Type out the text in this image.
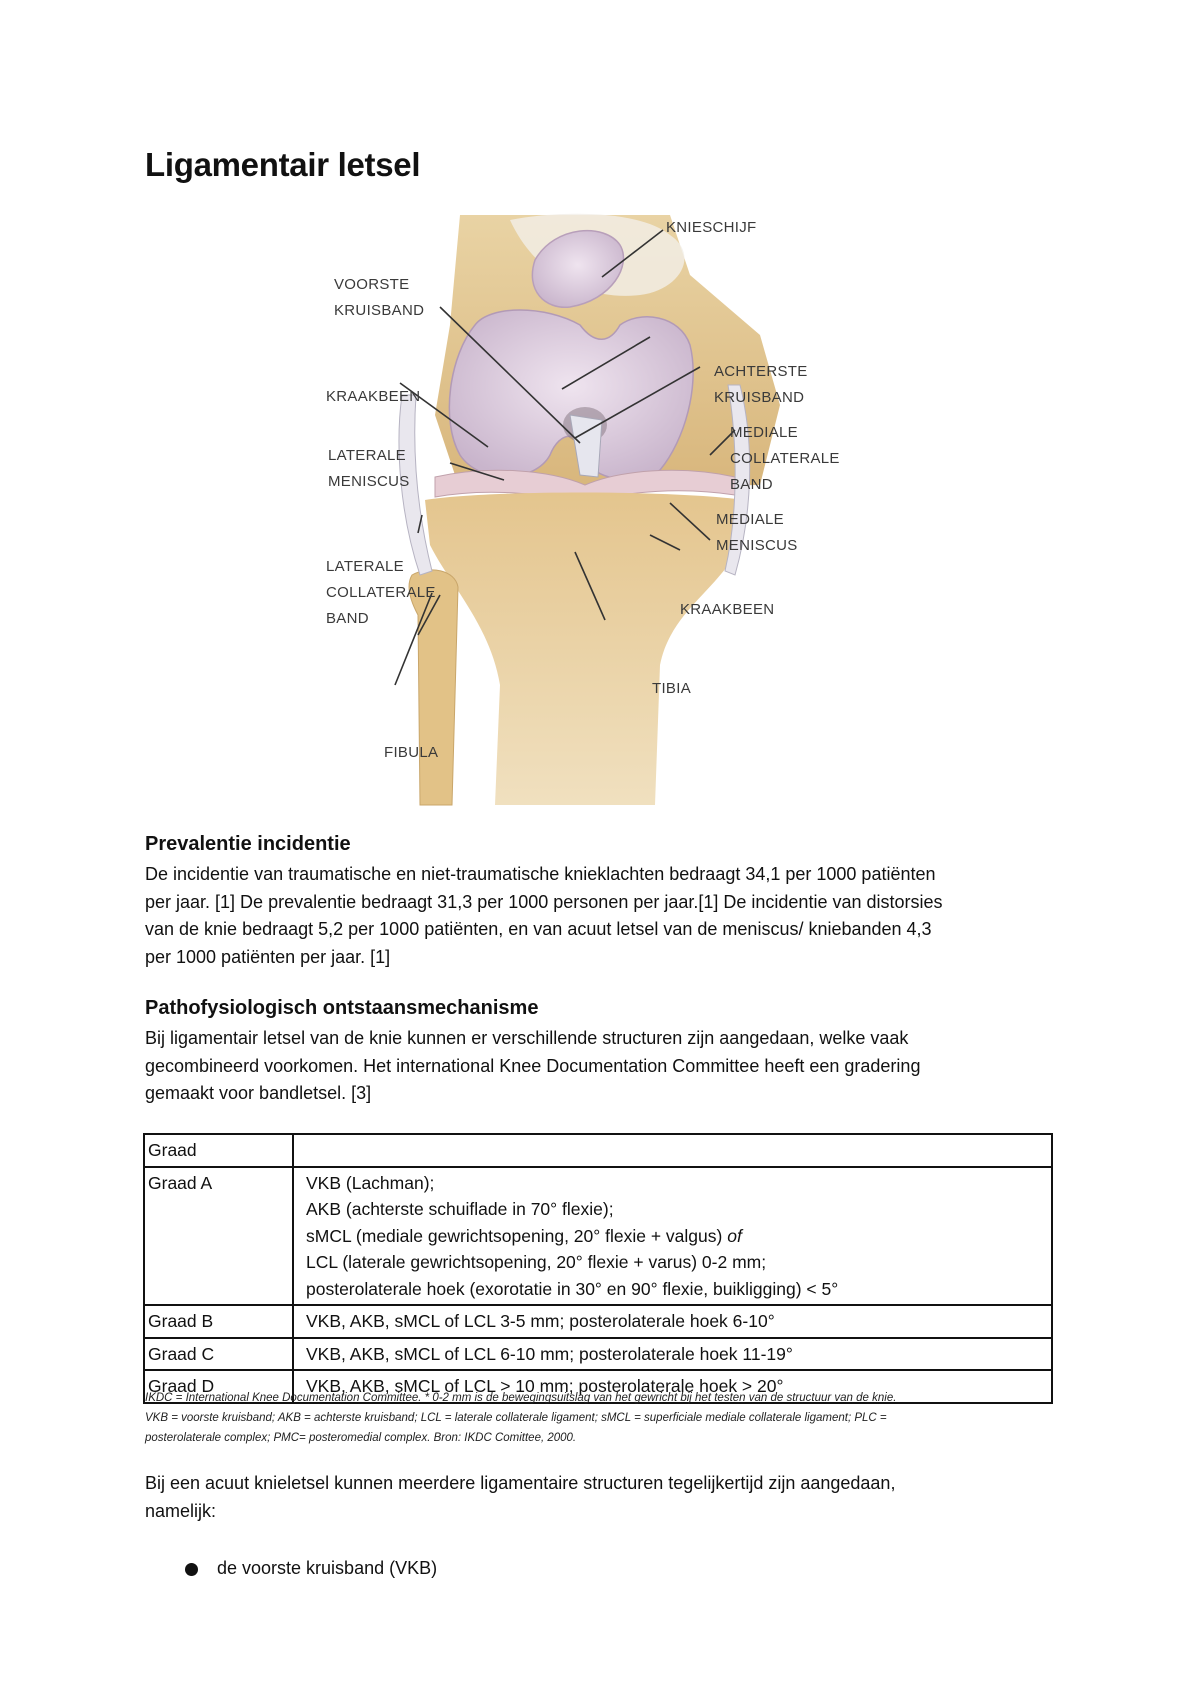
Ligamentair letsel
KNIESCHIJF
VOORSTE
KRUISBAND
KRAAKBEEN
ACHTERSTE
KRUISBAND
LATERALE
MENISCUS
MEDIALE
COLLATERALE
BAND
MEDIALE
MENISCUS
LATERALE
COLLATERALE
BAND
KRAAKBEEN
TIBIA
FIBULA
Prevalentie incidentie
De incidentie van traumatische en niet-traumatische knieklachten bedraagt 34,1 per 1000 patiënten
per jaar. [1] De prevalentie bedraagt 31,3 per 1000 personen per jaar.[1] De incidentie van distorsies
van de knie bedraagt 5,2 per 1000 patiënten, en van acuut letsel van de meniscus/ kniebanden 4,3
per 1000 patiënten per jaar. [1]
Pathofysiologisch ontstaansmechanisme
Bij ligamentair letsel van de knie kunnen er verschillende structuren zijn aangedaan, welke vaak
gecombineerd voorkomen. Het international Knee Documentation Committee heeft een gradering
gemaakt voor bandletsel. [3]
Graad	
Graad A	VKB (Lachman);
AKB (achterste schuiflade in 70° flexie);
sMCL (mediale gewrichtsopening, 20° flexie + valgus) of
LCL (laterale gewrichtsopening, 20° flexie + varus) 0-2 mm;
posterolaterale hoek (exorotatie in 30° en 90° flexie, buikligging) < 5°

Graad B	VKB, AKB, sMCL of LCL 3-5 mm; posterolaterale hoek 6-10°
Graad C	VKB, AKB, sMCL of LCL 6-10 mm; posterolaterale hoek 11-19°
Graad D	VKB, AKB, sMCL of LCL > 10 mm; posterolaterale hoek > 20°
IKDC = International Knee Documentation Committee. * 0-2 mm is de bewegingsuitslag van het gewricht bij het testen van de structuur van de knie.
VKB = voorste kruisband; AKB = achterste kruisband; LCL = laterale collaterale ligament; sMCL = superficiale mediale collaterale ligament; PLC =
posterolaterale complex; PMC= posteromedial complex. Bron: IKDC Comittee, 2000.
Bij een acuut knieletsel kunnen meerdere ligamentaire structuren tegelijkertijd zijn aangedaan,
namelijk:
de voorste kruisband (VKB)
